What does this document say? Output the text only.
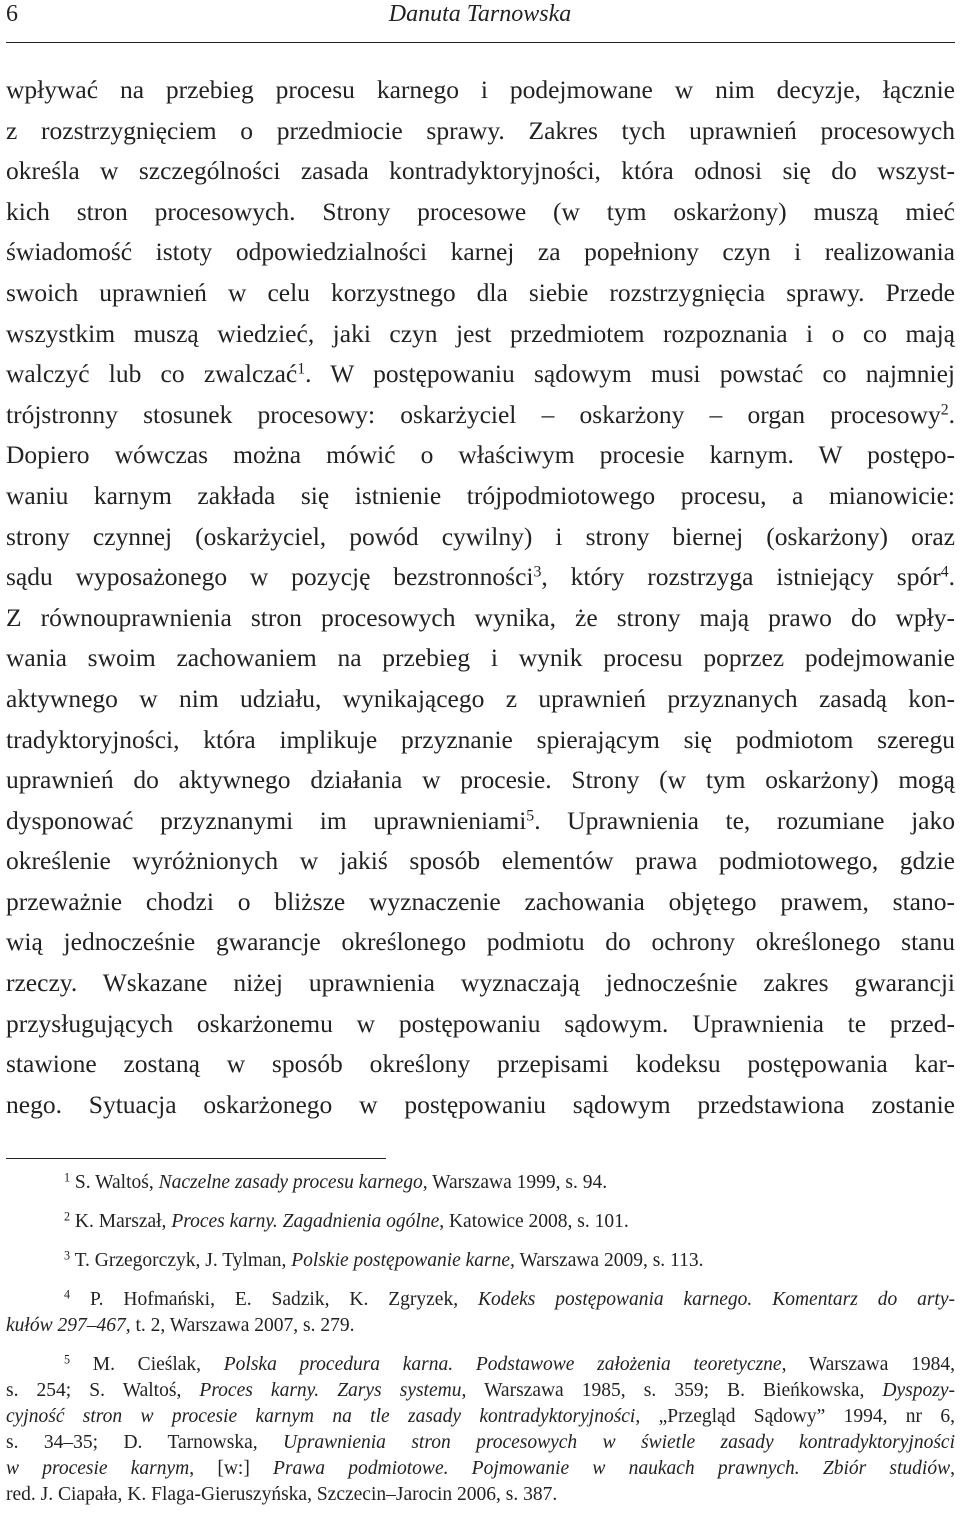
6	Danuta Tarnowska
wpływać na przebieg procesu karnego i podejmowane w nim decyzje, łącznie
z rozstrzygnięciem o przedmiocie sprawy. Zakres tych uprawnień procesowych
określa w szczególności zasada kontradyktoryjności, która odnosi się do wszyst-
kich stron procesowych. Strony procesowe (w tym oskarżony) muszą mieć
świadomość istoty odpowiedzialności karnej za popełniony czyn i realizowania
swoich uprawnień w celu korzystnego dla siebie rozstrzygnięcia sprawy. Przede
wszystkim muszą wiedzieć, jaki czyn jest przedmiotem rozpoznania i o co mają
walczyć lub co zwalczać$^1$. W postępowaniu sądowym musi powstać co najmniej
trójstronny stosunek procesowy: oskarżyciel – oskarżony – organ procesowy$^2$.
Dopiero wówczas można mówić o właściwym procesie karnym. W postępo-
waniu karnym zakłada się istnienie trójpodmiotowego procesu, a mianowicie:
strony czynnej (oskarżyciel, powód cywilny) i strony biernej (oskarżony) oraz
sądu wyposażonego w pozycję bezstronności$^3$, który rozstrzyga istniejący spór$^4$.
Z równouprawnienia stron procesowych wynika, że strony mają prawo do wpły-
wania swoim zachowaniem na przebieg i wynik procesu poprzez podejmowanie
aktywnego w nim udziału, wynikającego z uprawnień przyznanych zasadą kon-
tradyktoryjności, która implikuje przyznanie spierającym się podmiotom szeregu
uprawnień do aktywnego działania w procesie. Strony (w tym oskarżony) mogą
dysponować przyznanymi im uprawnieniami$^5$. Uprawnienia te, rozumiane jako
określenie wyróżnionych w jakiś sposób elementów prawa podmiotowego, gdzie
przeważnie chodzi o bliższe wyznaczenie zachowania objętego prawem, stano-
wią jednocześnie gwarancje określonego podmiotu do ochrony określonego stanu
rzeczy. Wskazane niżej uprawnienia wyznaczają jednocześnie zakres gwarancji
przysługujących oskarżonemu w postępowaniu sądowym. Uprawnienia te przed-
stawione zostaną w sposób określony przepisami kodeksu postępowania kar-
nego. Sytuacja oskarżonego w postępowaniu sądowym przedstawiona zostanie
$^1$ S. Waltoś, Naczelne zasady procesu karnego, Warszawa 1999, s. 94.
$^2$ K. Marszał, Proces karny. Zagadnienia ogólne, Katowice 2008, s. 101.
$^3$ T. Grzegorczyk, J. Tylman, Polskie postępowanie karne, Warszawa 2009, s. 113.
$^4$ P. Hofmański, E. Sadzik, K. Zgryzek, Kodeks postępowania karnego. Komentarz do arty-
kułów 297–467, t. 2, Warszawa 2007, s. 279.
$^5$ M. Cieślak, Polska procedura karna. Podstawowe założenia teoretyczne, Warszawa 1984,
s. 254; S. Waltoś, Proces karny. Zarys systemu, Warszawa 1985, s. 359; B. Bieńkowska, Dyspozy-
cyjność stron w procesie karnym na tle zasady kontradyktoryjności, „Przegląd Sądowy” 1994, nr 6,
s. 34–35; D. Tarnowska, Uprawnienia stron procesowych w świetle zasady kontradyktoryjności
w procesie karnym, [w:] Prawa podmiotowe. Pojmowanie w naukach prawnych. Zbiór studiów,
red. J. Ciapała, K. Flaga-Gieruszyńska, Szczecin–Jarocin 2006, s. 387.
